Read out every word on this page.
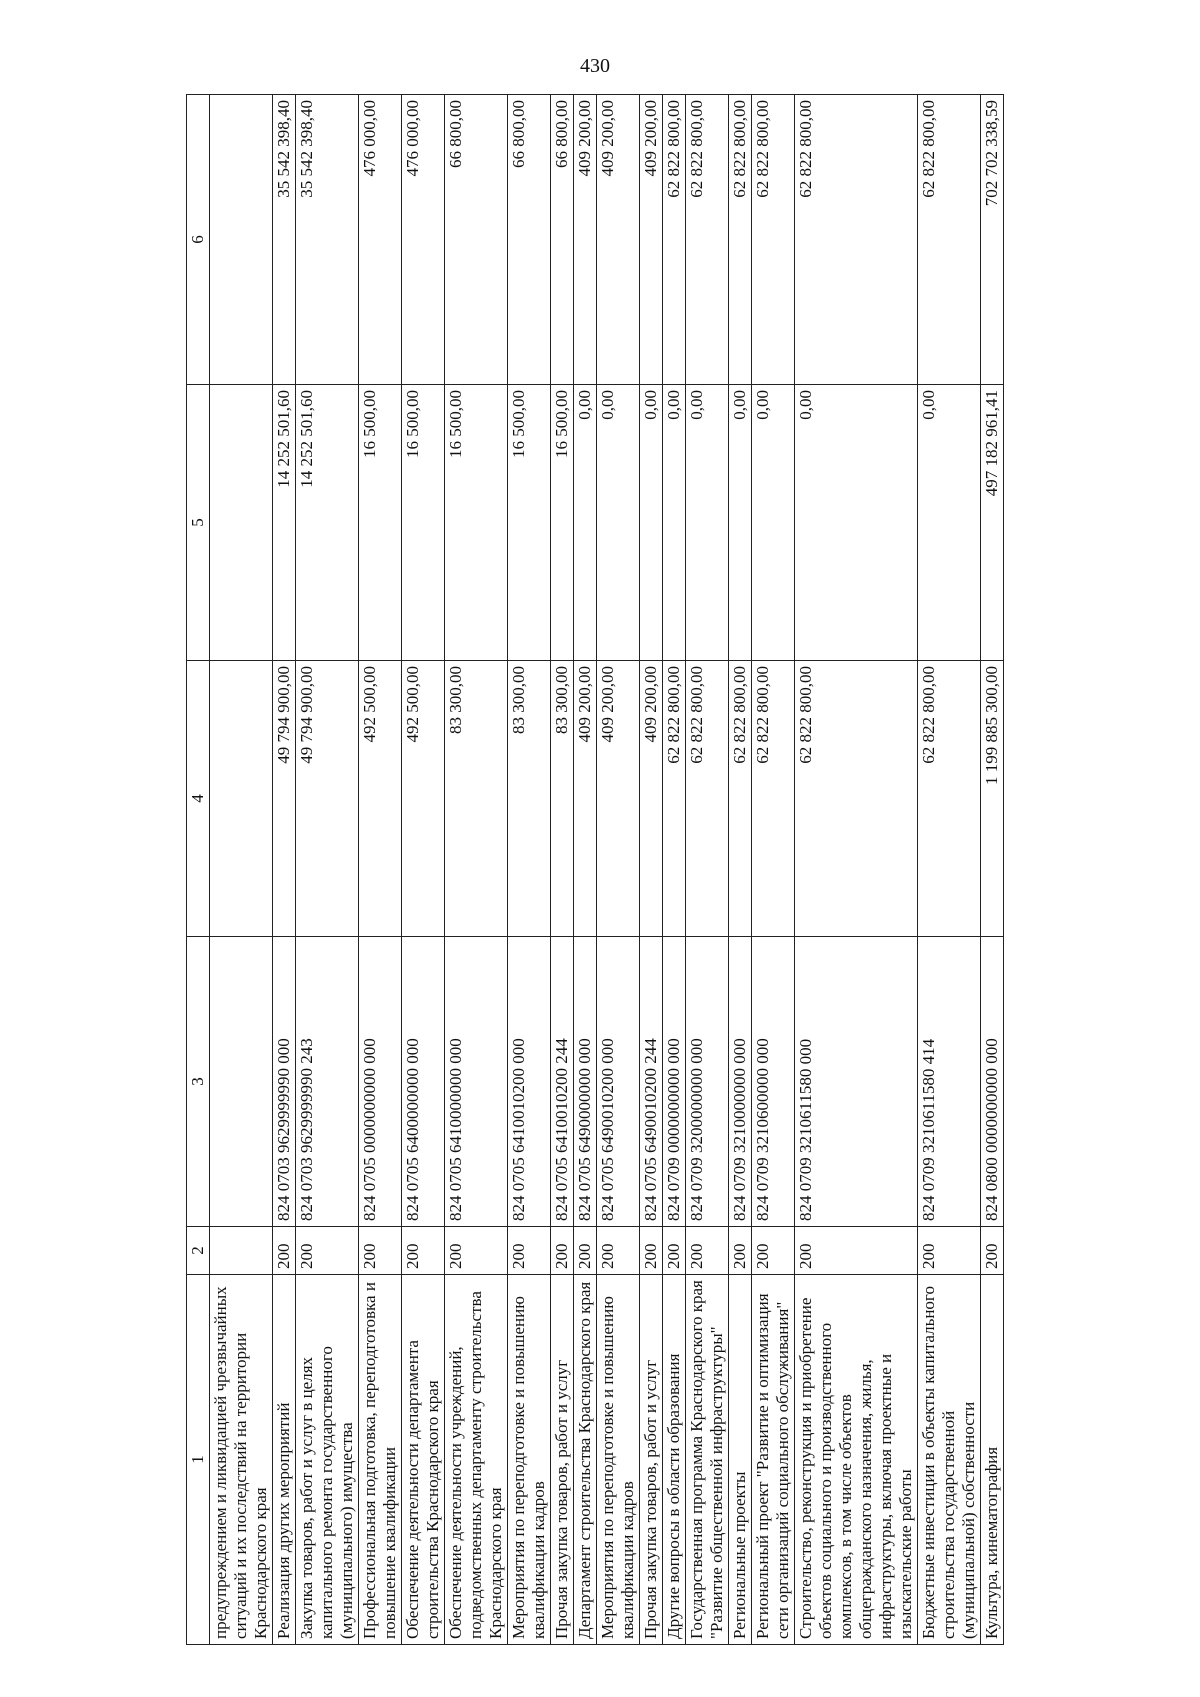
430
1	2	3	4	5	6
предупреждением и ликвидацией чрезвычайных ситуаций и их последствий на территории Краснодарского края					
Реализация других мероприятий	200	824 0703 9629999990 000	49 794 900,00	14 252 501,60	35 542 398,40
Закупка товаров, работ и услуг в целях капитального ремонта государственного (муниципального) имущества	200	824 0703 9629999990 243	49 794 900,00	14 252 501,60	35 542 398,40
Профессиональная подготовка, переподготовка и повышение квалификации	200	824 0705 0000000000 000	492 500,00	16 500,00	476 000,00
Обеспечение деятельности департамента строительства Краснодарского края	200	824 0705 6400000000 000	492 500,00	16 500,00	476 000,00
Обеспечение деятельности учреждений, подведомственных департаменту строительства Краснодарского края	200	824 0705 6410000000 000	83 300,00	16 500,00	66 800,00
Мероприятия по переподготовке и повышению квалификации кадров	200	824 0705 6410010200 000	83 300,00	16 500,00	66 800,00
Прочая закупка товаров, работ и услуг	200	824 0705 6410010200 244	83 300,00	16 500,00	66 800,00
Департамент строительства Краснодарского края	200	824 0705 6490000000 000	409 200,00	0,00	409 200,00
Мероприятия по переподготовке и повышению квалификации кадров	200	824 0705 6490010200 000	409 200,00	0,00	409 200,00
Прочая закупка товаров, работ и услуг	200	824 0705 6490010200 244	409 200,00	0,00	409 200,00
Другие вопросы в области образования	200	824 0709 0000000000 000	62 822 800,00	0,00	62 822 800,00
Государственная программа Краснодарского края "Развитие общественной инфраструктуры"	200	824 0709 3200000000 000	62 822 800,00	0,00	62 822 800,00
Региональные проекты	200	824 0709 3210000000 000	62 822 800,00	0,00	62 822 800,00
Региональный проект "Развитие и оптимизация сети организаций социального обслуживания"	200	824 0709 3210600000 000	62 822 800,00	0,00	62 822 800,00
Строительство, реконструкция и приобретение объектов социального и производственного комплексов, в том числе объектов общегражданского назначения, жилья, инфраструктуры, включая проектные и изыскательские работы	200	824 0709 3210611580 000	62 822 800,00	0,00	62 822 800,00
Бюджетные инвестиции в объекты капитального строительства государственной (муниципальной) собственности	200	824 0709 3210611580 414	62 822 800,00	0,00	62 822 800,00
Культура, кинематография	200	824 0800 0000000000 000	1 199 885 300,00	497 182 961,41	702 702 338,59
